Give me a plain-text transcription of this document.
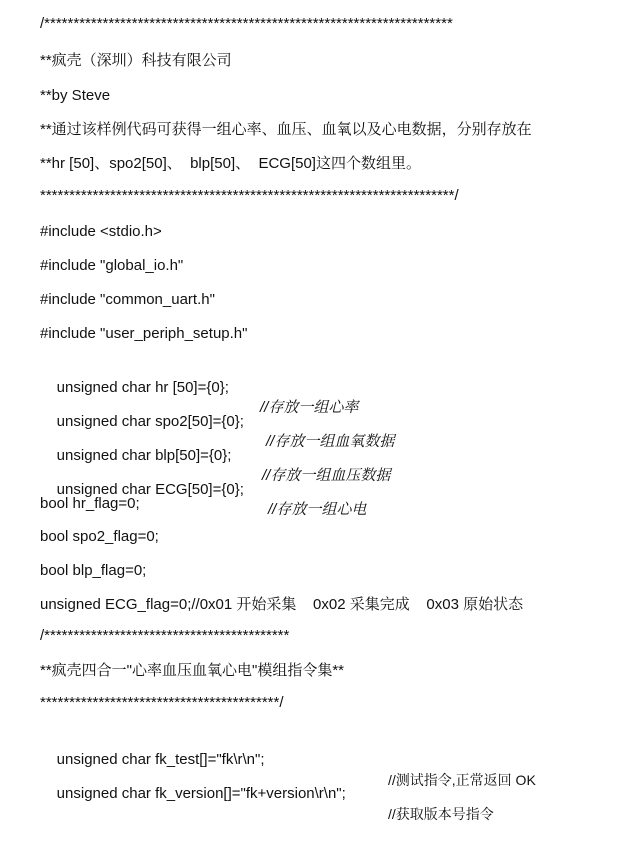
/**********************************************************************
**疯壳（深圳）科技有限公司
**by Steve
**通过该样例代码可获得一组心率、血压、血氧以及心电数据，分别存放在
**hr [50]、spo2[50]、  blp[50]、  ECG[50]这四个数组里。
***********************************************************************/
#include <stdio.h>
#include "global_io.h"
#include "common_uart.h"
#include "user_periph_setup.h"

unsigned char hr [50]={0};

//存放一组心率

unsigned char spo2[50]={0};

//存放一组血氧数据

unsigned char blp[50]={0};

//存放一组血压数据

unsigned char ECG[50]={0};

//存放一组心电

bool hr_flag=0;
bool spo2_flag=0;
bool blp_flag=0;
unsigned ECG_flag=0;//0x01 开始采集    0x02 采集完成    0x03 原始状态
/******************************************
**疯壳四合一"心率血压血氧心电"模组指令集**
*****************************************/

unsigned char fk_test[]="fk\r\n";

//测试指令,正常返回 OK

unsigned char fk_version[]="fk+version\r\n";

//获取版本号指令
